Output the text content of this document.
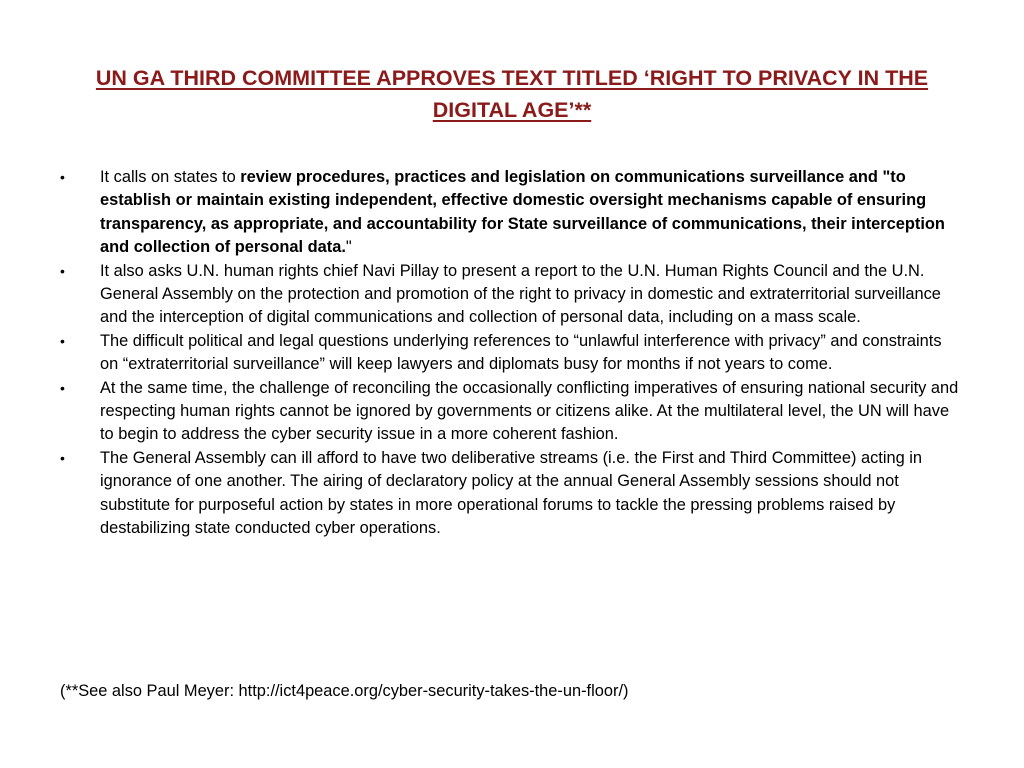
UN GA THIRD COMMITTEE APPROVES TEXT TITLED ‘RIGHT TO PRIVACY IN THE DIGITAL AGE’**
•	It calls on states to review procedures, practices and legislation on communications surveillance and "to establish or maintain existing independent, effective domestic oversight mechanisms capable of ensuring transparency, as appropriate, and accountability for State surveillance of communications, their interception and collection of personal data."
•	It also asks U.N. human rights chief Navi Pillay to present a report to the U.N. Human Rights Council and the U.N. General Assembly on the protection and promotion of the right to privacy in domestic and extraterritorial surveillance and the interception of digital communications and collection of personal data, including on a mass scale.
•	The difficult political and legal questions underlying references to “unlawful interference with privacy” and constraints on “extraterritorial surveillance” will keep lawyers and diplomats busy for months if not years to come.
•	At the same time, the challenge of reconciling the occasionally conflicting imperatives of ensuring national security and respecting human rights cannot be ignored by governments or citizens alike. At the multilateral level, the UN will have to begin to address the cyber security issue in a more coherent fashion.
•	The General Assembly can ill afford to have two deliberative streams (i.e. the First and Third Committee) acting in ignorance of one another. The airing of declaratory policy at the annual General Assembly sessions should not substitute for purposeful action by states in more operational forums to tackle the pressing problems raised by destabilizing state conducted cyber operations.
(**See also Paul Meyer: http://ict4peace.org/cyber-security-takes-the-un-floor/)
